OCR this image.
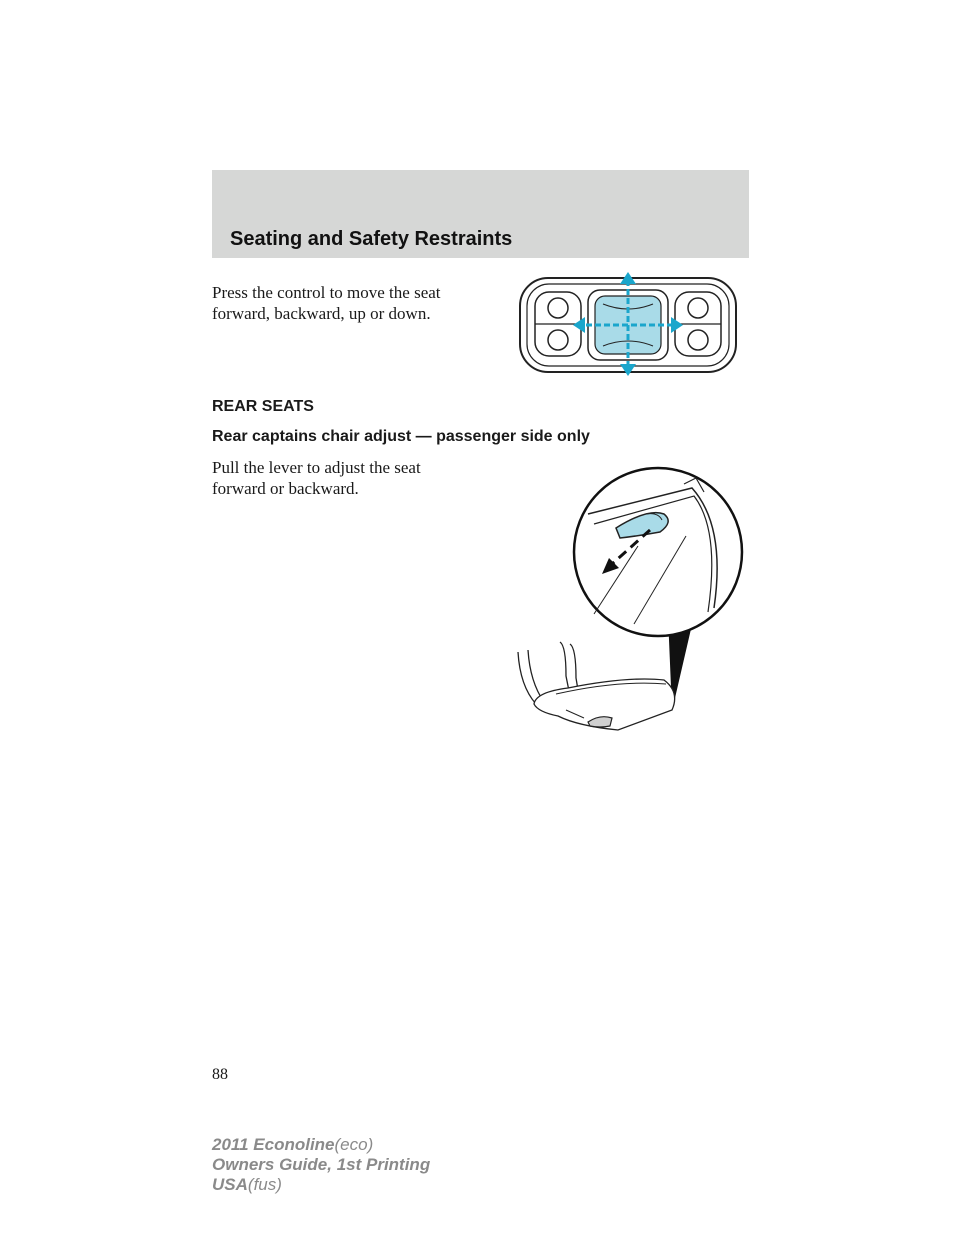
Seating and Safety Restraints
Press the control to move the seat
forward, backward, up or down.
REAR SEATS
Rear captains chair adjust — passenger side only
Pull the lever to adjust the seat
forward or backward.
88
2011 Econoline(eco)
Owners Guide, 1st Printing
USA(fus)
